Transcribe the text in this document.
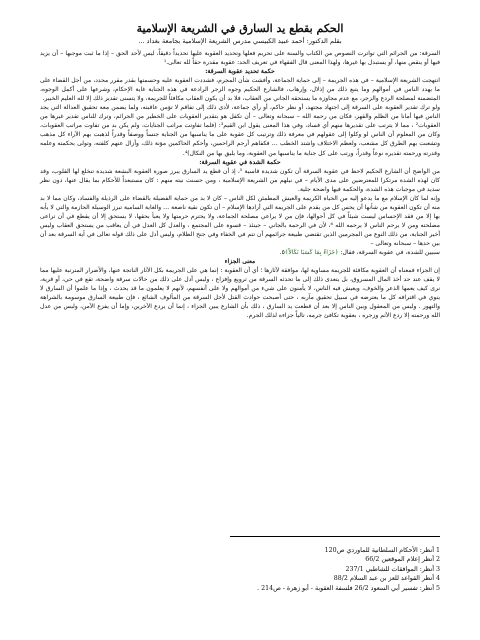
الحكم بقطع يد السارق في الشريعة الإسلامية
بقلم الدكتور: أحمد عبيد الكبيسي مدرس الشريعة الإسلامية بجامعة بغداد ...

السرقة: من الجرائم التي تواترت النصوص من الكتاب والسنة على تحريم فعلها وتحديد العقوبة عليها تحديداً دقيقاً، ليس لأحد الحق – إذا ما ثبت موجبها – أن يزيد فيها أو ينقص منها، أو يستبدل بها غيرها، ولهذا المعنى قال الفقهاء في تعريف الحد: عقوبة مقدرة حقاً لله تعالى.¹

حكمة تحديد عقوبة السرقة:

انتهجت الشريعة الإسلامية – في هذه الجريمة – إلى حماية الجماعة، وأفشت شأن المجرم، فشددت العقوبة عليه وحسمتها بقدر مقرر محدد، من أجل القضاء على ما يهدد الناس في أموالهم وما يتبع ذلك من إذلال، وإرهاب، فالشارع الحكيم وجوه الزجر الرادعة في هذه الجناية غاية الإحكام، وشرعها على أكمل الوجوه، المتضمنة لمصلحة الردع والزجر، مع عدم مجاوزة ما يستحقه الجاني من العقاب، فلا بد أن يكون العقاب مكافئاً للجريمة، ولا يتسنى تقدير ذلك إلا لله العليم الخبير.

ولو ترك تقدير العقوبة على السرقة إلى اجتهاد مجتهد، أو نظر حاكم، أو رأي جماعة، لأدى ذلك إلى تفاقم لا تؤمن عاقبته، ولما يضمن معه تحقيق العدالة التي يجد الناس فيها أمانا من الظلم والقهر، فكان من رحمة الله – سبحانه وتعالى – أن تكفل هو بتقدير العقوبات على الخطير من الجرائم، وترك للناس تقدير غيرها من العقوبات² ، مما لا يترتب على تقديرها منهم أي فساد، وفي هذا المعنى يقول ابن القيم³: (فلما تفاوتت مراتب الجنايات، ولم يكن بد من تفاوت مراتب العقوبات، وكان من المعلوم أن الناس لو وكلوا إلى عقولهم في معرفة ذلك وترتيب كل عقوبة على ما يناسبها من الجناية جنساً ووصفاً وقدراً لذهبت بهم الآراء كل مذهب وتشعبت بهم الطرق كل مشعب، ولعظم الاختلاف واشتد الخطب … فكفاهم أرحم الراحمين، وأحكم الحاكمين مؤنة ذلك، وأزال عنهم كلفته، وتولى بحكمته وعلمه وقدرته ورحمته تقديره نوعاً وقدراً، ورتب على كل جناية ما يناسبها من العقوبة، وما يليق بها من النكال)⁴.

حكمة الشدة في عقوبة السرقة:

من الواضح أن الشارع الحكيم لاحظ في عقوبة السرقة أن تكون شديدة قاسية ⁵، إذ أن قطع يد السارق يبرز صورة العقوبة البشعة شديدة تنخلع لها القلوب، وقد كان لهذه الشدة مرتكزا للمعترضين على مدى الأيام – في نيلهم من الشريعة الإسلامية ، ومن حسنت نيته منهم : كان مستبعداً للأحكام بما يقال عنها، دون نظر سديد في موجبات هذه الشدة، والحكمة فيها واضحة جلية.

وإنه لما كان الإسلام مع ما يدعو إليه من الحياة الكريمة والعيش المطمئن لكل الناس – كان لا بد من حماية الفضيلة بالقضاء على الرذيلة والفساد، وكان مما لا بد منه أن تكون العقوبة من شأنها أن يحس كل من يقدم على الجريمة التي أرادها الإسلام – أن تكون نقية ناصعة … والغاية السامية تبرز الوسيلة الحازمة والتي لا يأبه بها إلا من فقد الإحساس ليست شيئاً في كل أحوالها، فإن من لا يراعي مصلحة الجماعة، ولا يحترم حرمتها ولا يعبأ بحقها، لا يستحق إلا أن يقطع في أن تراعى مصلحته ومن لا يرحم الناس لا يرحمه الله ⁶، لأن في الرحمة بالجاني – حينئذ – قسوة على المجتمع ، والعدل كل العدل في أن يعاقب من يستحق العقاب وليس أخير الجناية، من ذلك النوع من المجرمين الذين تقتضي طبيعة جرائمهم أن تتم في الخفاء وفي جنح الظلام، وليس أدل على ذلك قوله تعالى في آية السرقة بعد أن بين حدها – سبحانه وتعالى –

سبيين للشدة، في عقوبة السرقة، فقال: ﴿جَزَاءً بِمَا كَسَبَا نَكَالاً﴾٥.

معنى الجزاء

إن الجزاء فمعناه أن العقوبة مكافئة للجريمة مساوية لها، موافقة لآثارها ؛ أي أن العقوبة : إنما هي على الجريمة بكل الآثار الناتجة عنها، والأضرار المترتبة عليها مما لا يقف عند حد أخذ المال المسروق، بل يتعدى ذلك إلى ما تحدثه السرقة من ترويع وإفزاع ، وليس أدل على ذلك من حالات سرقة واضحة، تقع في حي، أو قرية، نرى كيف يعمها الذعر والخوف، ويعيش فيه الناس، لا يأمنون على شيء من أموالهم ولا على أنفسهم، لأنهم لا يعلمون ما قد يحدث ، وإذا ما علموا أن السارق لا ينوي في اقترافه كل ما يعترضه في سبيل تحقيق مآربه ، حتى أصبحت حوادث القتل لأجل السرقة من المألوف الشائع ، فإن طبيعة السارق موسومة بالشراهة والتهور . وليس من المعقول وبين الناس إلا بعد أن قطعت يد السارق ، ذلك بأن الشارع يبين الجزاء ، إنما أن يردع الآخرين، وإما أن يفزع الآمن، وليس من عدل الله ورحمته إلا ردع الآثم وزجره ، بعقوبة تكافئ جرمه، تالياً جزاءه لذلك الجرم.

1 أنظر: الأحكام السلطانية للماوردي ص120

2 أنظر إعلام الموقعين 66/2

3 أنظر: الموافقات للشاطبي 237/1

4 أنظر القواعد للعز بن عبد السلام 88/2

5 أنظر: تفسير أبي السعود 26/2 فلسفة العقوبة - أبو زهرة - ص214 .
